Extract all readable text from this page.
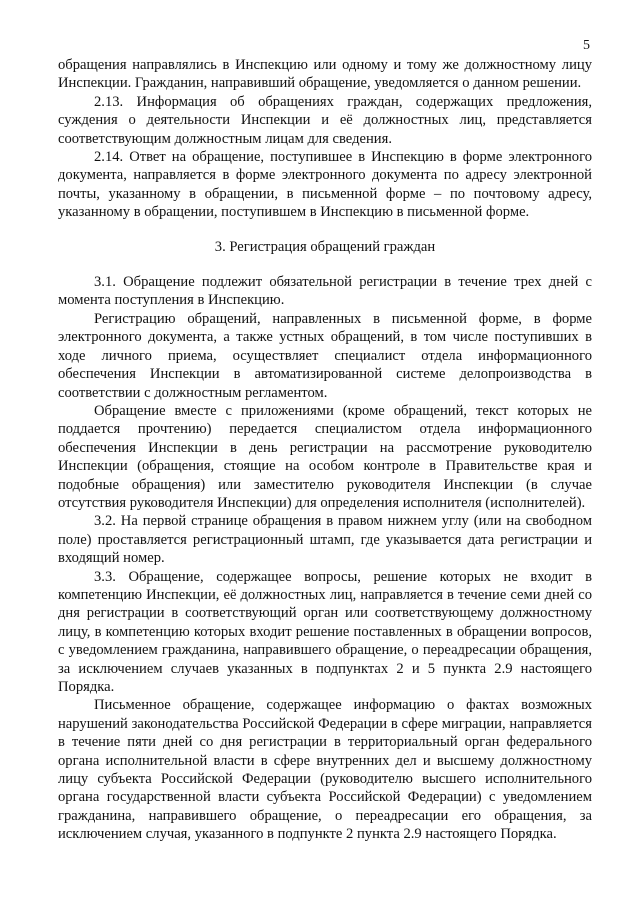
5

обращения направлялись в Инспекцию или одному и тому же должностному лицу Инспекции. Гражданин, направивший обращение, уведомляется о данном решении.

2.13. Информация об обращениях граждан, содержащих предложения, суждения о деятельности Инспекции и её должностных лиц, представляется соответствующим должностным лицам для сведения.

2.14. Ответ на обращение, поступившее в Инспекцию в форме электронного документа, направляется в форме электронного документа по адресу электронной почты, указанному в обращении, в письменной форме – по почтовому адресу, указанному в обращении, поступившем в Инспекцию в письменной форме.

3. Регистрация обращений граждан

3.1. Обращение подлежит обязательной регистрации в течение трех дней с момента поступления в Инспекцию.

Регистрацию обращений, направленных в письменной форме, в форме электронного документа, а также устных обращений, в том числе поступивших в ходе личного приема, осуществляет специалист отдела информационного обеспечения Инспекции в автоматизированной системе делопроизводства в соответствии с должностным регламентом.

Обращение вместе с приложениями (кроме обращений, текст которых не поддается прочтению) передается специалистом отдела информационного обеспечения Инспекции в день регистрации на рассмотрение руководителю Инспекции (обращения, стоящие на особом контроле в Правительстве края и подобные обращения) или заместителю руководителя Инспекции (в случае отсутствия руководителя Инспекции) для определения исполнителя (исполнителей).

3.2. На первой странице обращения в правом нижнем углу (или на свободном поле) проставляется регистрационный штамп, где указывается дата регистрации и входящий номер.

3.3. Обращение, содержащее вопросы, решение которых не входит в компетенцию Инспекции, её должностных лиц, направляется в течение семи дней со дня регистрации в соответствующий орган или соответствующему должностному лицу, в компетенцию которых входит решение поставленных в обращении вопросов, с уведомлением гражданина, направившего обращение, о переадресации обращения, за исключением случаев указанных в подпунктах 2 и 5 пункта 2.9 настоящего Порядка.

Письменное обращение, содержащее информацию о фактах возможных нарушений законодательства Российской Федерации в сфере миграции, направляется в течение пяти дней со дня регистрации в территориальный орган федерального органа исполнительной власти в сфере внутренних дел и высшему должностному лицу субъекта Российской Федерации (руководителю высшего исполнительного органа государственной власти субъекта Российской Федерации) с уведомлением гражданина, направившего обращение, о переадресации его обращения, за исключением случая, указанного в подпункте 2 пункта 2.9 настоящего Порядка.
